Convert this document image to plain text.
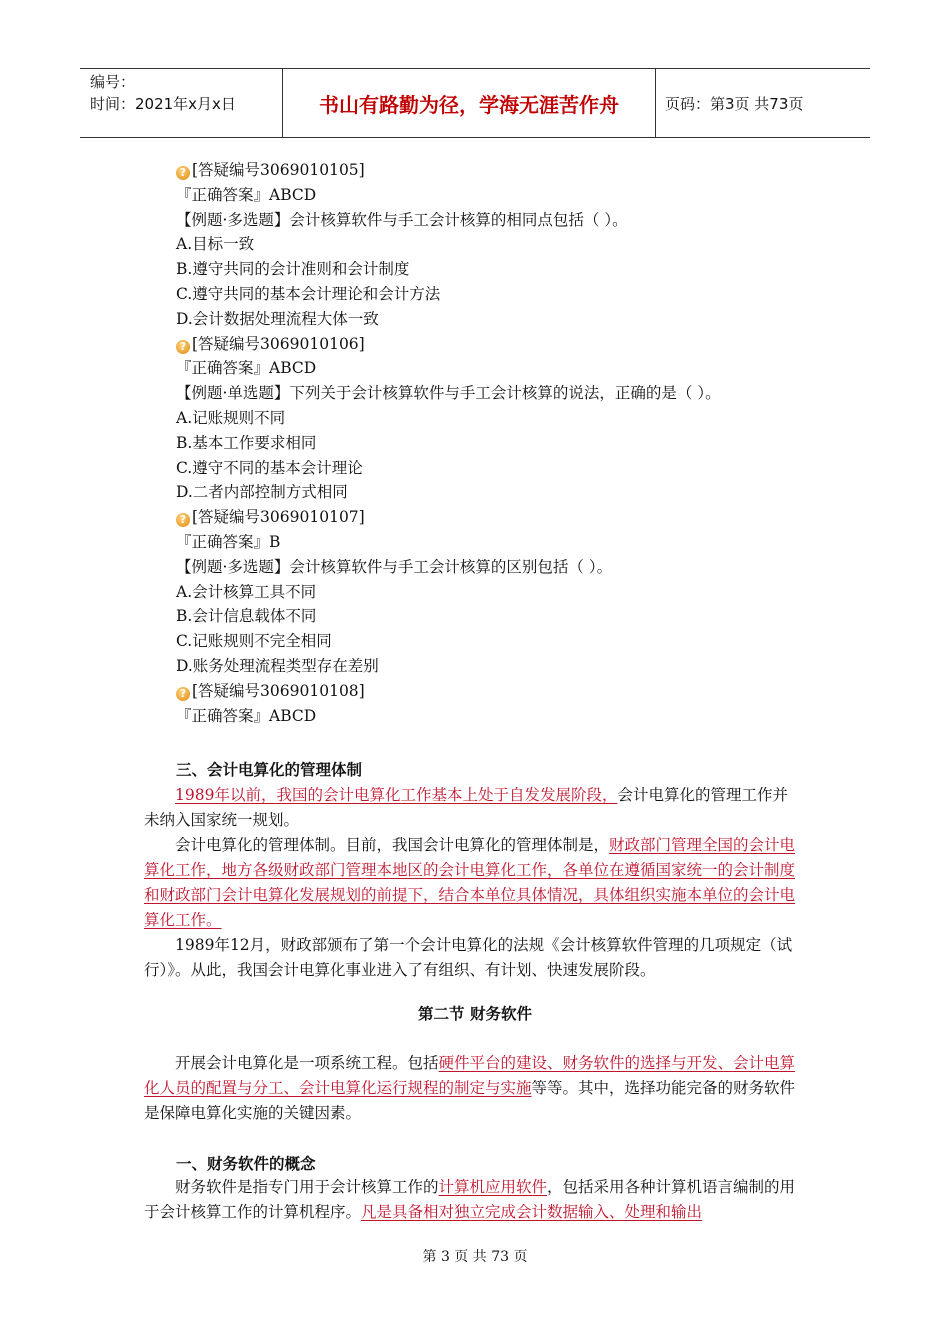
编号：
时间：2021年x月x日	书山有路勤为径，学海无涯苦作舟	页码：第3页 共73页
? [答疑编号3069010105]
『正确答案』ABCD
【例题·多选题】会计核算软件与手工会计核算的相同点包括（ ）。
A.目标一致
B.遵守共同的会计准则和会计制度
C.遵守共同的基本会计理论和会计方法
D.会计数据处理流程大体一致
? [答疑编号3069010106]
『正确答案』ABCD
【例题·单选题】下列关于会计核算软件与手工会计核算的说法，正确的是（ ）。
A.记账规则不同
B.基本工作要求相同
C.遵守不同的基本会计理论
D.二者内部控制方式相同
? [答疑编号3069010107]
『正确答案』B
【例题·多选题】会计核算软件与手工会计核算的区别包括（ ）。
A.会计核算工具不同
B.会计信息载体不同
C.记账规则不完全相同
D.账务处理流程类型存在差别
? [答疑编号3069010108]
『正确答案』ABCD
三、会计电算化的管理体制

1989年以前，我国的会计电算化工作基本上处于自发发展阶段，会计电算化的管理工作并未纳入国家统一规划。

会计电算化的管理体制。目前，我国会计电算化的管理体制是，财政部门管理全国的会计电算化工作，地方各级财政部门管理本地区的会计电算化工作，各单位在遵循国家统一的会计制度和财政部门会计电算化发展规划的前提下，结合本单位具体情况，具体组织实施本单位的会计电算化工作。

1989年12月，财政部颁布了第一个会计电算化的法规《会计核算软件管理的几项规定（试行）》。从此，我国会计电算化事业进入了有组织、有计划、快速发展阶段。

第二节 财务软件

开展会计电算化是一项系统工程。包括硬件平台的建设、财务软件的选择与开发、会计电算化人员的配置与分工、会计电算化运行规程的制定与实施等等。其中，选择功能完备的财务软件是保障电算化实施的关键因素。

一、财务软件的概念

财务软件是指专门用于会计核算工作的计算机应用软件，包括采用各种计算机语言编制的用于会计核算工作的计算机程序。凡是具备相对独立完成会计数据输入、处理和输出

第 3 页 共 73 页
